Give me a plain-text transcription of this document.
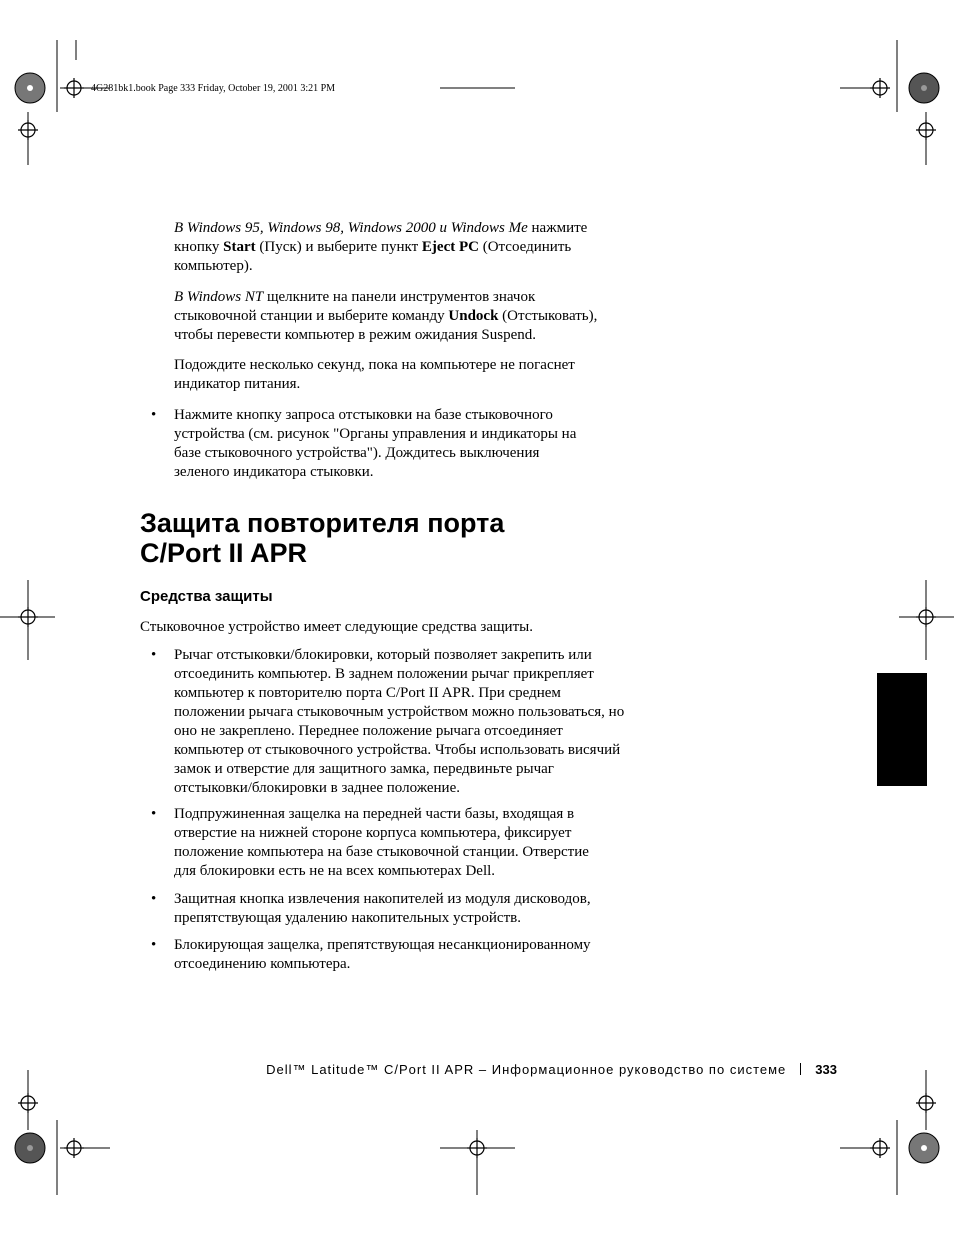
4G281bk1.book Page 333 Friday, October 19, 2001 3:21 PM
В Windows 95, Windows 98, Windows 2000 и Windows Me нажмите кнопку Start (Пуск) и выберите пункт Eject PC (Отсоединить компьютер).
В Windows NT щелкните на панели инструментов значок стыковочной станции и выберите команду Undock (Отстыковать), чтобы перевести компьютер в режим ожидания Suspend.
Подождите несколько секунд, пока на компьютере не погаснет индикатор питания.
• Нажмите кнопку запроса отстыковки на базе стыковочного устройства (см. рисунок "Органы управления и индикаторы на базе стыковочного устройства"). Дождитесь выключения зеленого индикатора стыковки.
Защита повторителя порта
C/Port II APR
Средства защиты
Стыковочное устройство имеет следующие средства защиты.
• Рычаг отстыковки/блокировки, который позволяет закрепить или отсоединить компьютер. В заднем положении рычаг прикрепляет компьютер к повторителю порта C/Port II APR. При среднем положении рычага стыковочным устройством можно пользоваться, но оно не закреплено. Переднее положение рычага отсоединяет компьютер от стыковочного устройства. Чтобы использовать висячий замок и отверстие для защитного замка, передвиньте рычаг отстыковки/блокировки в заднее положение.
• Подпружиненная защелка на передней части базы, входящая в отверстие на нижней стороне корпуса компьютера, фиксирует положение компьютера на базе стыковочной станции. Отверстие для блокировки есть не на всех компьютерах Dell.
• Защитная кнопка извлечения накопителей из модуля дисководов, препятствующая удалению накопительных устройств.
• Блокирующая защелка, препятствующая несанкционированному отсоединению компьютера.
Dell™ Latitude™ C/Port II APR – Информационное руководство по системе 333
